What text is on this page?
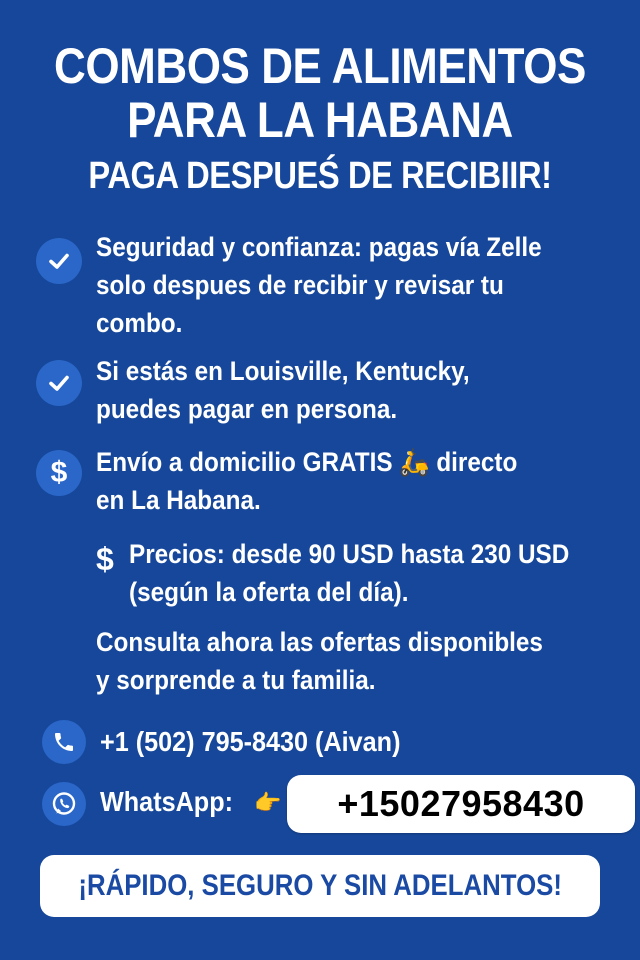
COMBOS DE ALIMENTOS
PARA LA HABANA
PAGA DESPUEŚ DE RECIBIIR!
Seguridad y confianza: pagas vía Zelle
solo despues de recibir y revisar tu
combo.
Si estás en Louisville, Kentucky,
puedes pagar en persona.
$ Envío a domicilio GRATIS 🛵 directo
en La Habana.
$ Precios: desde 90 USD hasta 230 USD
(según la oferta del día).
Consulta ahora las ofertas disponibles
y sorprende a tu familia.
+1 (502) 795-8430 (Aivan)
WhatsApp: 👉 +15027958430
¡RÁPIDO, SEGURO Y SIN ADELANTOS!
